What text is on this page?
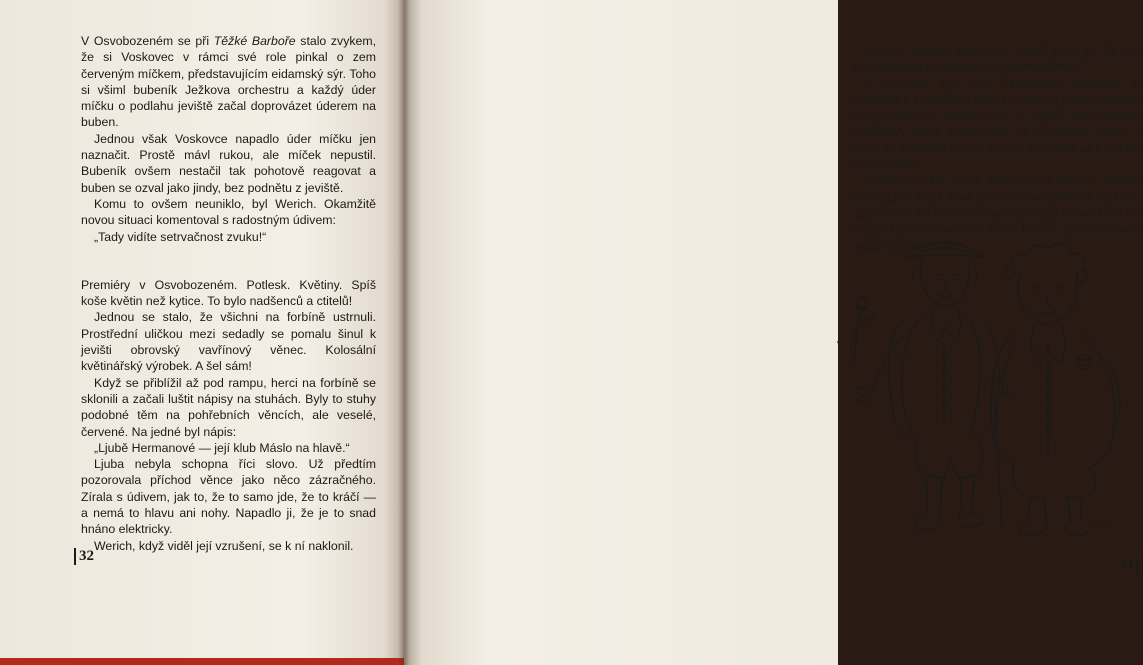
V Osvobozeném se při Těžké Barboře stalo zvykem, že si Voskovec v rámci své role pinkal o zem červeným míčkem, představujícím eidamský sýr. Toho si všiml bubeník Ježkova orchestru a každý úder míčku o podlahu jeviště začal doprovázet úderem na buben.

Jednou však Voskovce napadlo úder míčku jen naznačit. Prostě mávl rukou, ale míček nepustil. Bubeník ovšem nestačil tak pohotově reagovat a buben se ozval jako jindy, bez podnětu z jeviště.

Komu to ovšem neuniklo, byl Werich. Okamžitě novou situaci komentoval s radostným údivem:

„Tady vidíte setrvačnost zvuku!“

Premiéry v Osvobozeném. Potlesk. Květiny. Spíš koše květin než kytice. To bylo nadšenců a ctitelů!

Jednou se stalo, že všichni na forbíně ustrnuli. Prostřední uličkou mezi sedadly se pomalu šinul k jevišti obrovský vavřínový věnec. Kolosální květinářský výrobek. A šel sám!

Když se přiblížil až pod rampu, herci na forbíně se sklonili a začali luštit nápisy na stuhách. Byly to stuhy podobné těm na pohřebních věncích, ale veselé, červené. Na jedné byl nápis:

„Ljubě Hermanové — její klub Máslo na hlavě.“

Ljuba nebyla schopna říci slovo. Už předtím pozorovala příchod věnce jako něco zázračného. Zírala s údivem, jak to, že to samo jde, že to kráčí — a nemá to hlavu ani nohy. Napadlo ji, že je to snad hnáno elektricky.

Werich, když viděl její vzrušení, se k ní naklonil.

32

„Ljubo,“ šeptal, „neboj se. Vsadil bych se, že je v těch bobkovejch listech schovanej Mikota!“

A opravdu, byl tam. Zamilovaný tajemník se odhodlal k zoufalému pokusu, aby na sebe upozornil svou lásku. Ve vlastní režii si opatřil ten obrovský vavřínový kolos, připevněný na dřevěném nosiči, a skryt do poslední chvíle donesl svůj hold až k nohám svého idolu.

„Dodnes mám doma zbytky toho věnce,“ dodává paní Ljuba, když dává přátelům ten příběh k lepšímu, „ještě stále ho používám jako přísady do omáček a k masu. Byl tak ohromný, že se během jednoho života nedá zkonzumovat.“

AH
33
